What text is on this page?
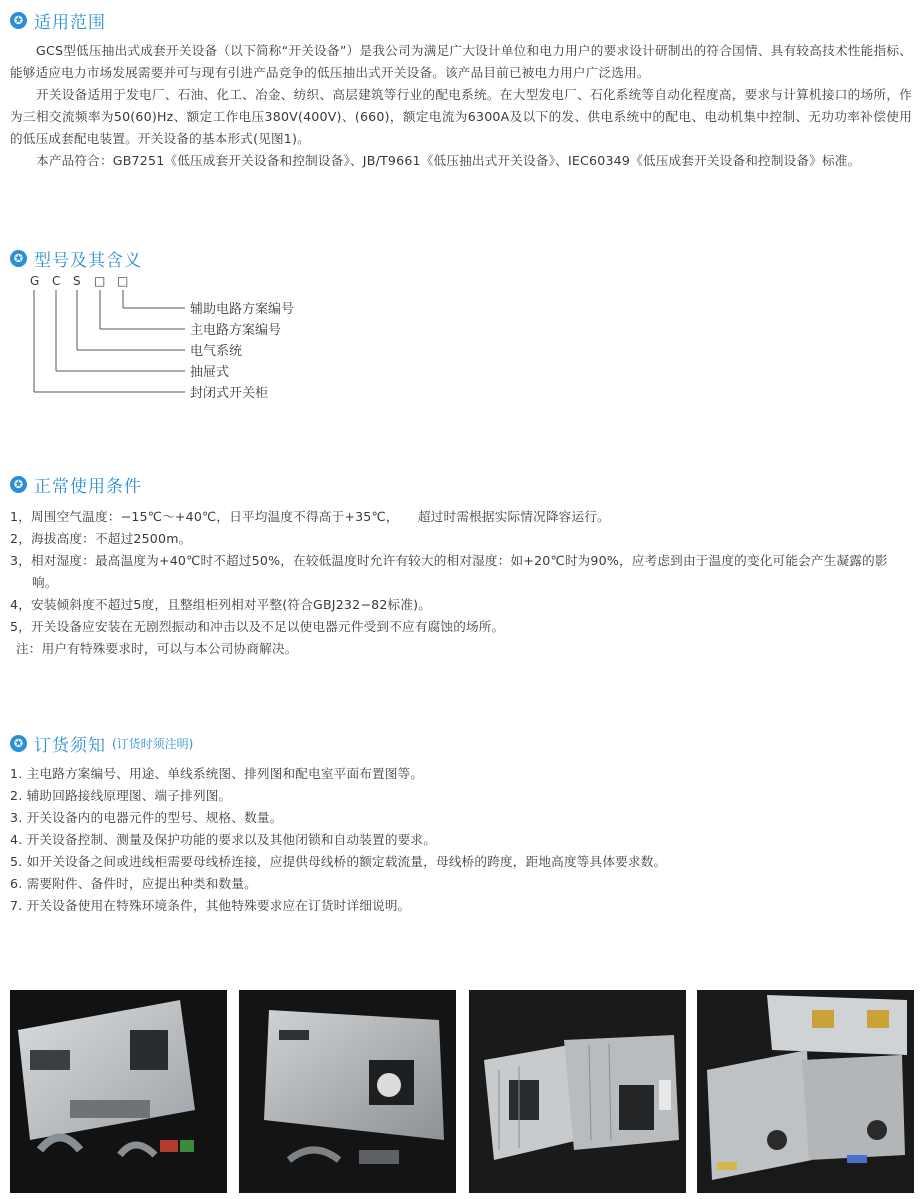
✪ 适用范围

GCS型低压抽出式成套开关设备（以下简称“开关设备”）是我公司为满足广大设计单位和电力用户的要求设计研制出的符合国情、具有较高技术性能指标、能够适应电力市场发展需要并可与现有引进产品竞争的低压抽出式开关设备。该产品目前已被电力用户广泛选用。

开关设备适用于发电厂、石油、化工、冶金、纺织、高层建筑等行业的配电系统。在大型发电厂、石化系统等自动化程度高，要求与计算机接口的场所，作为三相交流频率为50(60)Hz、额定工作电压380V(400V)、(660)，额定电流为6300A及以下的发、供电系统中的配电、电动机集中控制、无功功率补偿使用的低压成套配电装置。开关设备的基本形式(见图1)。

本产品符合：GB7251《低压成套开关设备和控制设备》、JB/T9661《低压抽出式开关设备》、IEC60349《低压成套开关设备和控制设备》标准。

✪ 型号及其含义
G C S □ □
辅助电路方案编号
主电路方案编号
电气系统
抽屉式
封闭式开关柜
✪ 正常使用条件

1，周围空气温度：−15℃～+40℃，日平均温度不得高于+35℃，　　超过时需根据实际情况降容运行。

2，海拔高度：不超过2500m。

3，相对湿度：最高温度为+40℃时不超过50%，在较低温度时允许有较大的相对湿度：如+20℃时为90%，应考虑到由于温度的变化可能会产生凝露的影响。

4，安装倾斜度不超过5度，且整组柜列相对平整(符合GBJ232−82标准)。

5，开关设备应安装在无剧烈振动和冲击以及不足以使电器元件受到不应有腐蚀的场所。

注：用户有特殊要求时，可以与本公司协商解决。

✪ 订货须知 (订货时须注明)

1. 主电路方案编号、用途、单线系统图、排列图和配电室平面布置图等。

2. 辅助回路接线原理图、端子排列图。

3. 开关设备内的电器元件的型号、规格、数量。

4. 开关设备控制、测量及保护功能的要求以及其他闭锁和自动装置的要求。

5. 如开关设备之间或进线柜需要母线桥连接，应提供母线桥的额定载流量，母线桥的跨度，距地高度等具体要求数。

6. 需要附件、备件时，应提出种类和数量。

7. 开关设备使用在特殊环境条件，其他特殊要求应在订货时详细说明。
